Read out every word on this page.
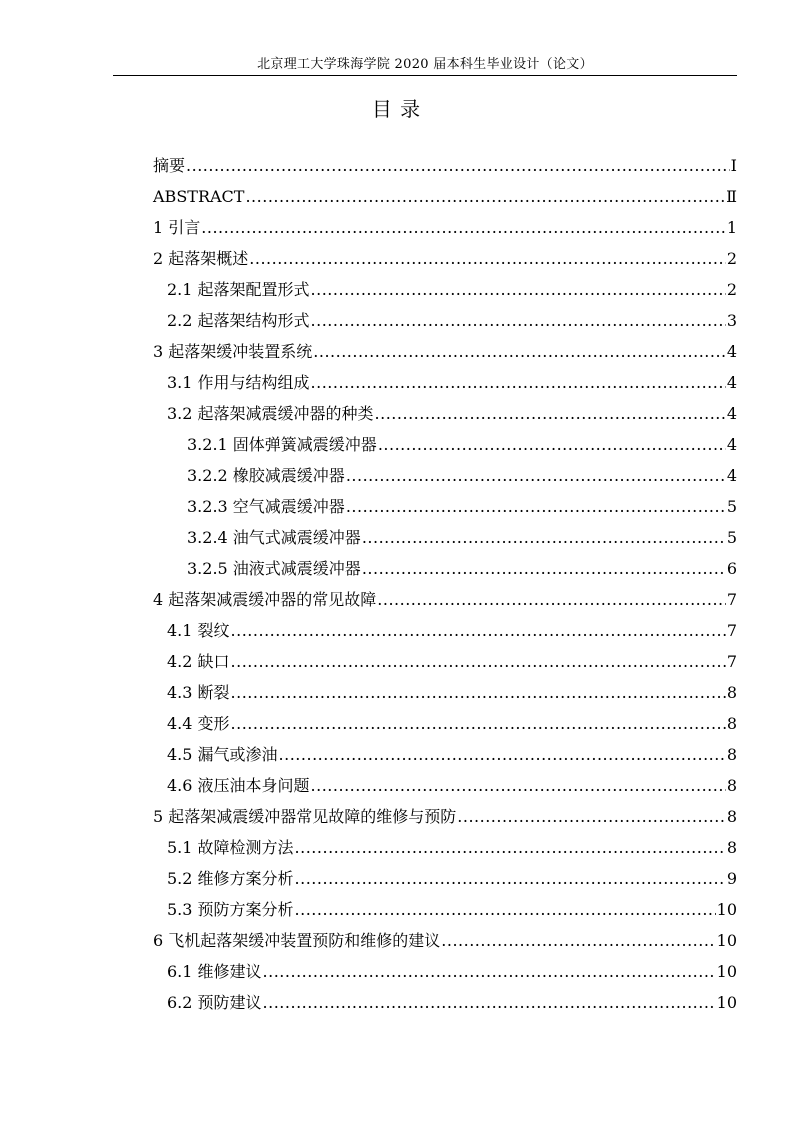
北京理工大学珠海学院 2020 届本科生毕业设计（论文）
目 录
摘要 .....	Ⅰ
ABSTRACT .....	Ⅱ
1 引言 .....	1
2 起落架概述 .....	2
2.1 起落架配置形式 .....	2
2.2 起落架结构形式 .....	3
3 起落架缓冲装置系统 .....	4
3.1 作用与结构组成 .....	4
3.2 起落架减震缓冲器的种类 .....	4
3.2.1 固体弹簧减震缓冲器 .....	4
3.2.2 橡胶减震缓冲器 .....	4
3.2.3 空气减震缓冲器 .....	5
3.2.4 油气式减震缓冲器 .....	5
3.2.5 油液式减震缓冲器 .....	6
4 起落架减震缓冲器的常见故障 .....	7
4.1 裂纹 .....	7
4.2 缺口 .....	7
4.3 断裂 .....	8
4.4 变形 .....	8
4.5 漏气或渗油 .....	8
4.6 液压油本身问题 .....	8
5 起落架减震缓冲器常见故障的维修与预防 .....	8
5.1 故障检测方法 .....	8
5.2 维修方案分析 .....	9
5.3 预防方案分析 .....	10
6 飞机起落架缓冲装置预防和维修的建议 .....	10
6.1 维修建议 .....	10
6.2 预防建议 .....	10
